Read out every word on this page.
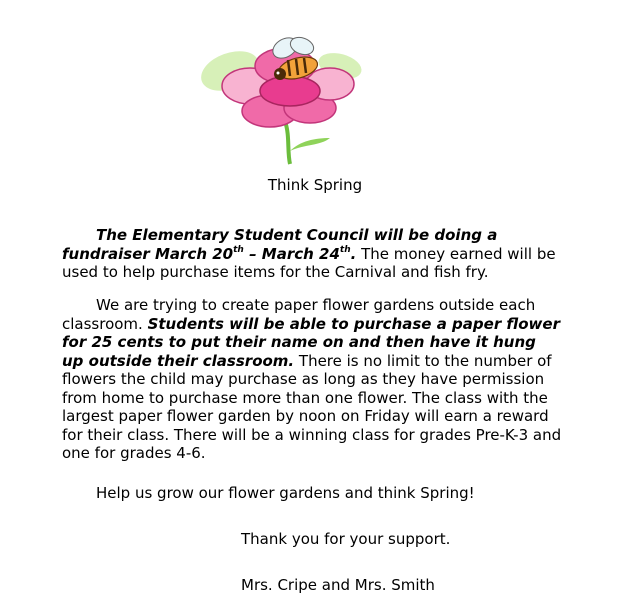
Think Spring

The Elementary Student Council will be doing a fundraiser March 20th – March 24th. The money earned will be used to help purchase items for the Carnival and fish fry.

We are trying to create paper flower gardens outside each classroom. Students will be able to purchase a paper flower for 25 cents to put their name on and then have it hung up outside their classroom. There is no limit to the number of flowers the child may purchase as long as they have permission from home to purchase more than one flower. The class with the largest paper flower garden by noon on Friday will earn a reward for their class. There will be a winning class for grades Pre-K-3 and one for grades 4-6.

Help us grow our flower gardens and think Spring!

Thank you for your support.
Mrs. Cripe and Mrs. Smith
